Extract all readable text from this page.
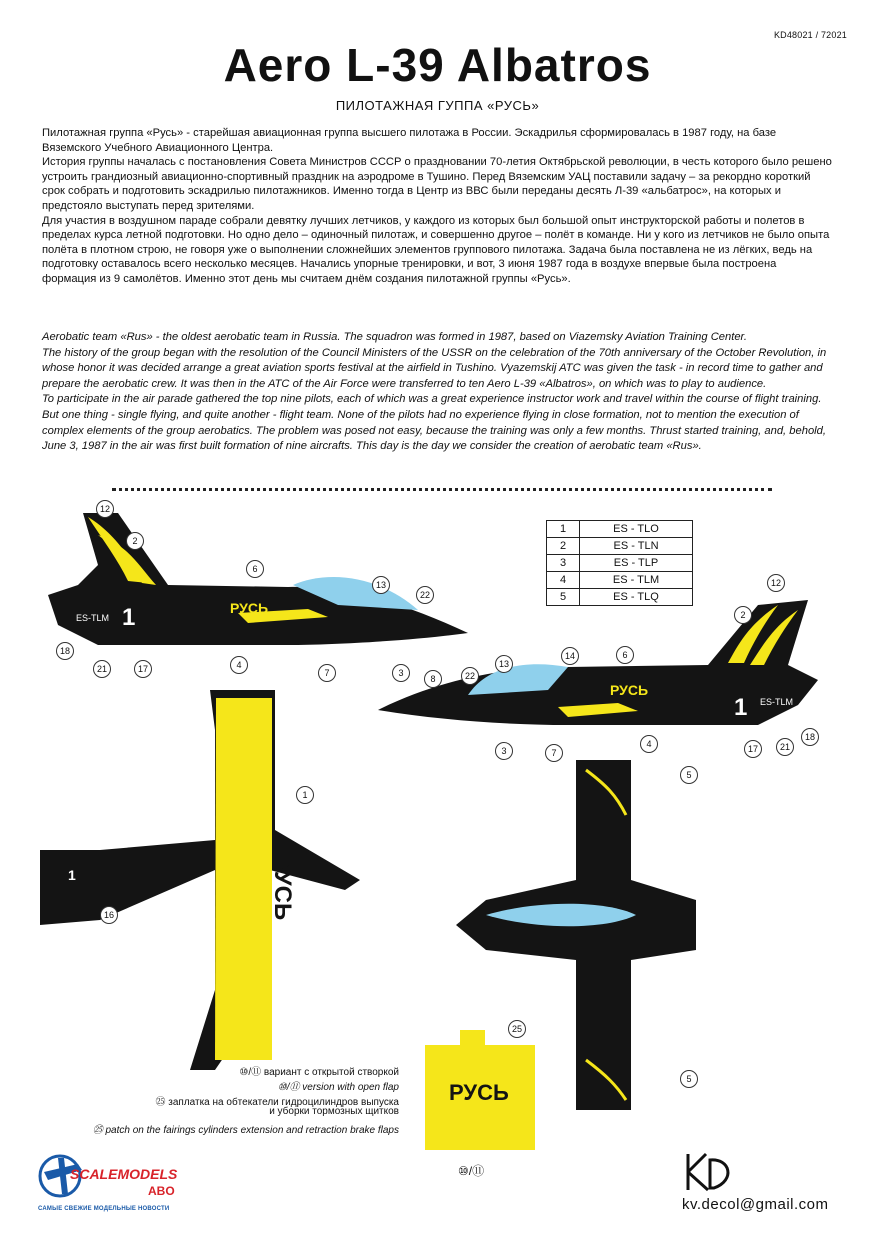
KD48021 / 72021
Aero L-39 Albatros
ПИЛОТАЖНАЯ ГУППА «РУСЬ»

Пилотажная группа «Русь» - старейшая авиационная группа высшего пилотажа в России. Эскадрилья сформировалась в 1987 году, на базе Вяземского Учебного Авиационного Центра.

История группы началась с постановления Совета Министров СССР о праздновании 70-летия Октябрьской революции, в честь которого было решено устроить грандиозный авиационно-спортивный праздник на аэродроме в Тушино. Перед Вяземским УАЦ поставили задачу – за рекордно короткий срок собрать и подготовить эскадрилью пилотажников. Именно тогда в Центр из ВВС были переданы десять Л-39 «альбатрос», на которых и предстояло выступать перед зрителями.

Для участия в воздушном параде собрали девятку лучших летчиков, у каждого из которых был большой опыт инструкторской работы и полетов в пределах курса летной подготовки. Но одно дело – одиночный пилотаж, и совершенно другое – полёт в команде. Ни у кого из летчиков не было опыта полёта в плотном строю, не говоря уже о выполнении сложнейших элементов группового пилотажа. Задача была поставлена не из лёгких, ведь на подготовку оставалось всего несколько месяцев. Начались упорные тренировки, и вот, 3 июня 1987 года в воздухе впервые была построена формация из 9 самолётов. Именно этот день мы считаем днём создания пилотажной группы «Русь».

Aerobatic team «Rus» - the oldest aerobatic team in Russia. The squadron was formed in 1987, based on Viazemsky Aviation Training Center.

The history of the group began with the resolution of the Council Ministers of the USSR on the celebration of the 70th anniversary of the October Revolution, in whose honor it was decided arrange a great aviation sports festival at the airfield in Tushino. Vyazemskij ATC was given the task - in record time to gather and prepare the aerobatic crew. It was then in the ATC of the Air Force were transferred to ten Aero L-39 «Albatros», on which was to play to audience.

To participate in the air parade gathered the top nine pilots, each of which was a great experience instructor work and travel within the course of flight training. But one thing - single flying, and quite another - flight team. None of the pilots had no experience flying in close formation, not to mention the execution of complex elements of the group aerobatics. The problem was posed not easy, because the training was only a few months. Thrust started training, and, behold, June 3, 1987 in the air was first built formation of nine aircrafts. This day is the day we consider the creation of aerobatic team «Rus».

1	ES - TLO
2	ES - TLN
3	ES - TLP
4	ES - TLM
5	ES - TLQ
РУСЬ
1
ES-TLM
РУСЬ
1 ES-TLM
РУСЬ
1
РУСЬ
12
2
6
13
22
18
21	17	4
7	3
8
12
2
6
14
13
22
18
21
17
4
7
3
1
16
5
5
25
⑩/⑪
⑩/⑪ вариант с открытой створкой
⑩/⑪ version with open flap
㉕ заплатка на обтекатели гидроцилиндров выпуска
и уборки тормозных щитков
㉕ patch on the fairings cylinders extension and retraction brake flaps
SCALEMODELS
ABO
САМЫЕ СВЕЖИЕ МОДЕЛЬНЫЕ НОВОСТИ	kv.decol@gmail.com
